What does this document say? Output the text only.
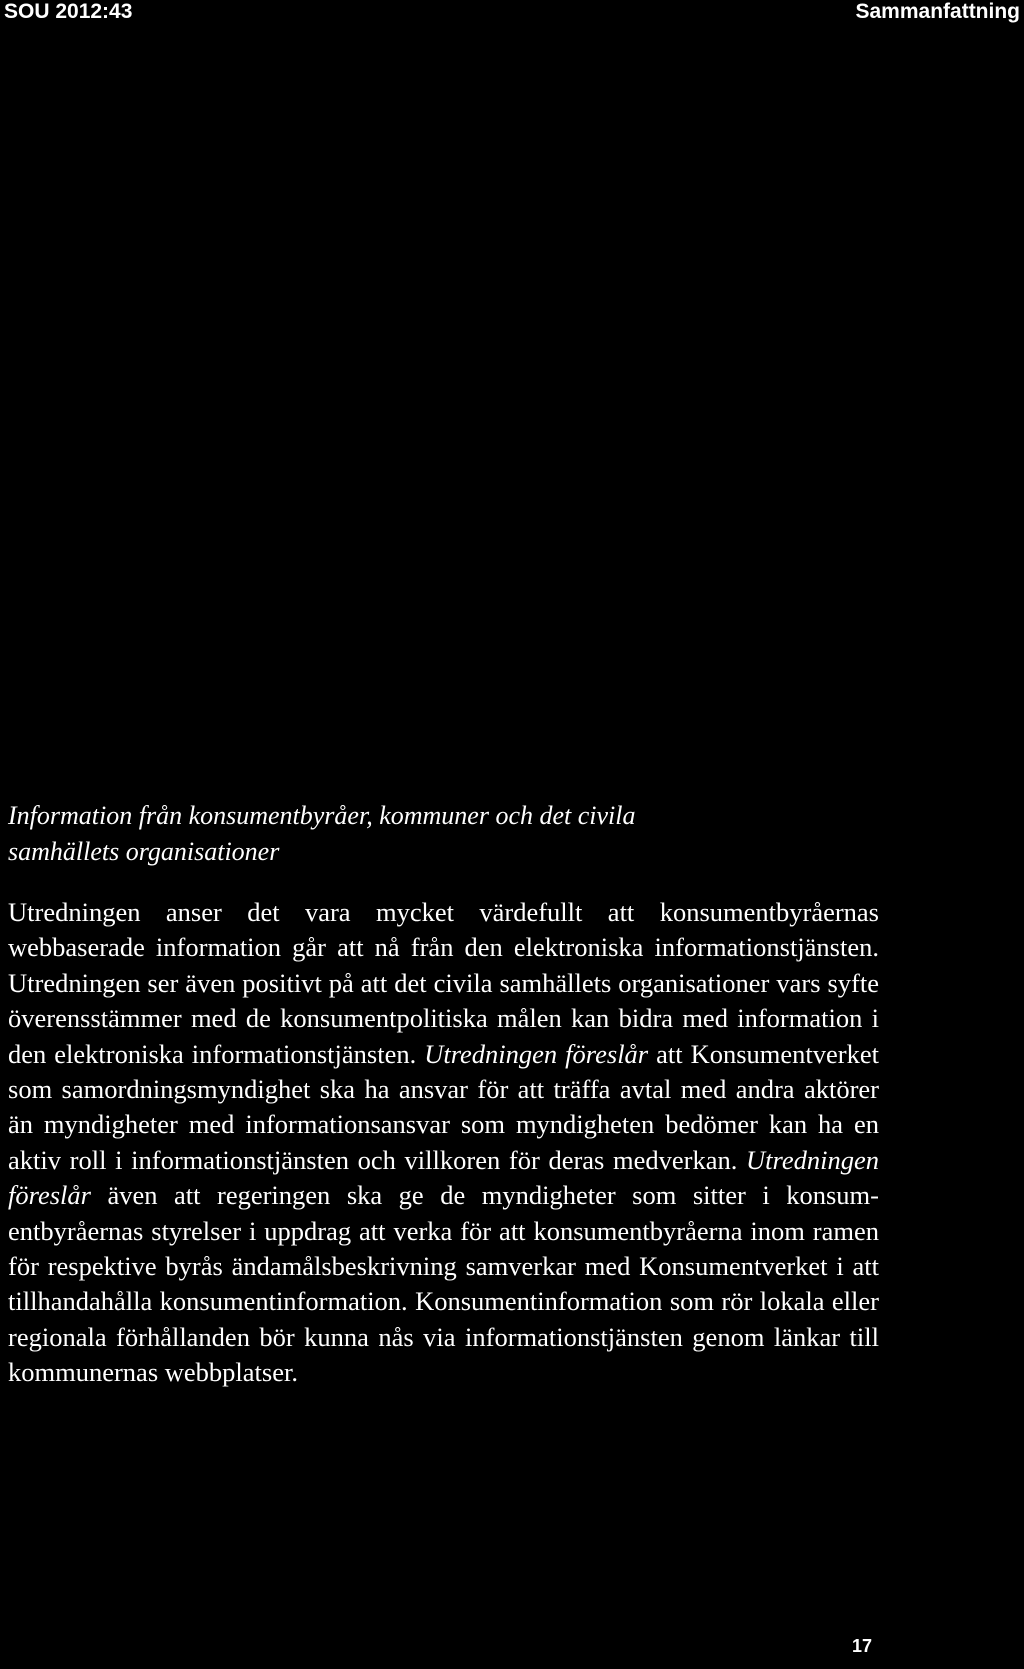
SOU 2012:43	Sammanfattning
Information från konsumentbyråer, kommuner och det civila
samhällets organisationer

Utredningen anser det vara mycket värdefullt att konsumentbyråernas webbaserade information går att nå från den elektroniska informationstjänsten. Utredningen ser även positivt på att det civila samhällets organisationer vars syfte överensstämmer med de konsumentpolitiska målen kan bidra med information i den elektroniska informationstjänsten. Utredningen föreslår att Konsumentverket som samordningsmyndighet ska ha ansvar för att träffa avtal med andra aktörer än myndigheter med informationsansvar som myndigheten bedömer kan ha en aktiv roll i informationstjänsten och villkoren för deras medverkan. Utredningen föreslår även att regeringen ska ge de myndigheter som sitter i konsumentbyråernas styrelser i uppdrag att verka för att konsumentbyråerna inom ramen för respektive byrås ändamålsbeskrivning samverkar med Konsumentverket i att tillhandahålla konsumentinformation. Konsumentinformation som rör lokala eller regionala förhållanden bör kunna nås via informationstjänsten genom länkar till kommunernas webbplatser.

17
